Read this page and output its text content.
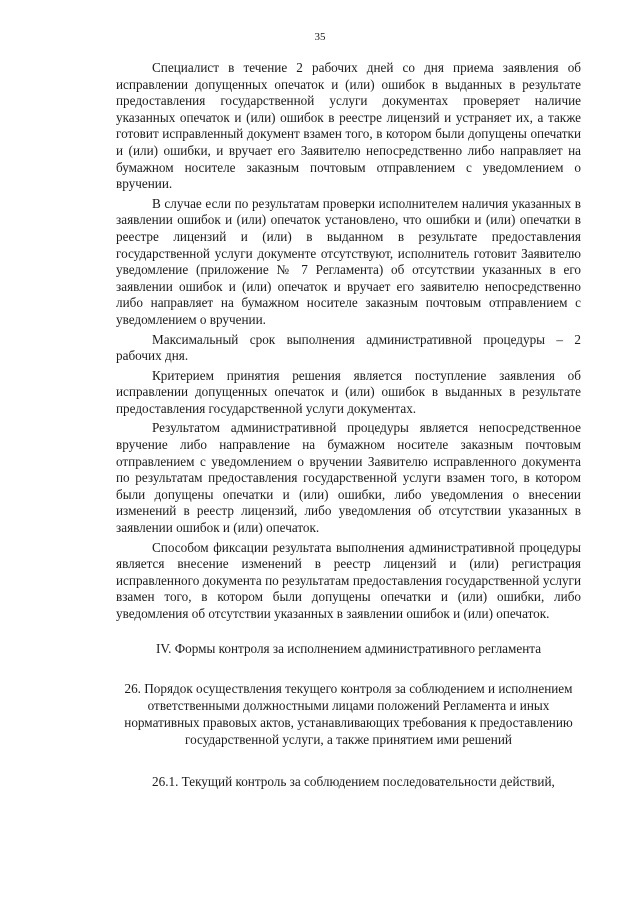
35

Специалист в течение 2 рабочих дней со дня приема заявления об исправлении допущенных опечаток и (или) ошибок в выданных в результате предоставления государственной услуги документах проверяет наличие указанных опечаток и (или) ошибок в реестре лицензий и устраняет их, а также готовит исправленный документ взамен того, в котором были допущены опечатки и (или) ошибки, и вручает его Заявителю непосредственно либо направляет на бумажном носителе заказным почтовым отправлением с уведомлением о вручении.

В случае если по результатам проверки исполнителем наличия указанных в заявлении ошибок и (или) опечаток установлено, что ошибки и (или) опечатки в реестре лицензий и (или) в выданном в результате предоставления государственной услуги документе отсутствуют, исполнитель готовит Заявителю уведомление (приложение № 7 Регламента) об отсутствии указанных в его заявлении ошибок и (или) опечаток и вручает его заявителю непосредственно либо направляет на бумажном носителе заказным почтовым отправлением с уведомлением о вручении.

Максимальный срок выполнения административной процедуры – 2 рабочих дня.

Критерием принятия решения является поступление заявления об исправлении допущенных опечаток и (или) ошибок в выданных в результате предоставления государственной услуги документах.

Результатом административной процедуры является непосредственное вручение либо направление на бумажном носителе заказным почтовым отправлением с уведомлением о вручении Заявителю исправленного документа по результатам предоставления государственной услуги взамен того, в котором были допущены опечатки и (или) ошибки, либо уведомления о внесении изменений в реестр лицензий, либо уведомления об отсутствии указанных в заявлении ошибок и (или) опечаток.

Способом фиксации результата выполнения административной процедуры является внесение изменений в реестр лицензий и (или) регистрация исправленного документа по результатам предоставления государственной услуги взамен того, в котором были допущены опечатки и (или) ошибки, либо уведомления об отсутствии указанных в заявлении ошибок и (или) опечаток.

IV. Формы контроля за исполнением административного регламента
26. Порядок осуществления текущего контроля за соблюдением и исполнением ответственными должностными лицами положений Регламента и иных нормативных правовых актов, устанавливающих требования к предоставлению государственной услуги, а также принятием ими решений

26.1. Текущий контроль за соблюдением последовательности действий,
